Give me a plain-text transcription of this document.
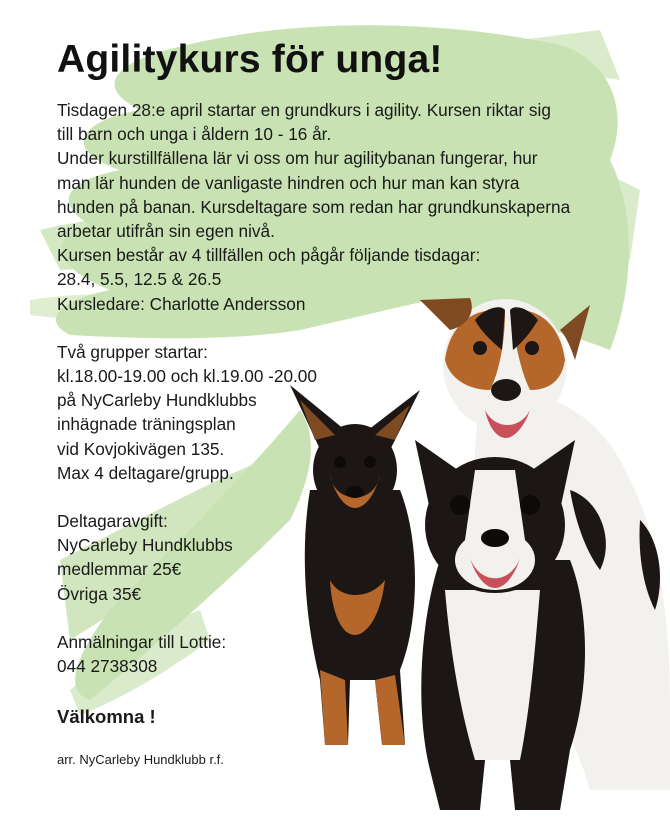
Agilitykurs för unga!

Tisdagen 28:e april startar en grundkurs i agility. Kursen riktar sig

till barn och unga i åldern 10 - 16 år.

Under kurstillfällena lär vi oss om hur agilitybanan fungerar, hur

man lär hunden de vanligaste hindren och hur man kan styra

hunden på banan. Kursdeltagare som redan har grundkunskaperna

arbetar utifrån sin egen nivå.

Kursen består av 4 tillfällen och pågår följande tisdagar:

28.4, 5.5, 12.5 & 26.5

Kursledare: Charlotte Andersson

Två grupper startar:

kl.18.00-19.00 och kl.19.00 -20.00

på NyCarleby Hundklubbs

inhägnade träningsplan

vid Kovjokivägen 135.

Max 4 deltagare/grupp.

Deltagaravgift:

NyCarleby Hundklubbs

medlemmar 25€

Övriga 35€

Anmälningar till Lottie:

044 2738308

Välkomna !
arr. NyCarleby Hundklubb r.f.
